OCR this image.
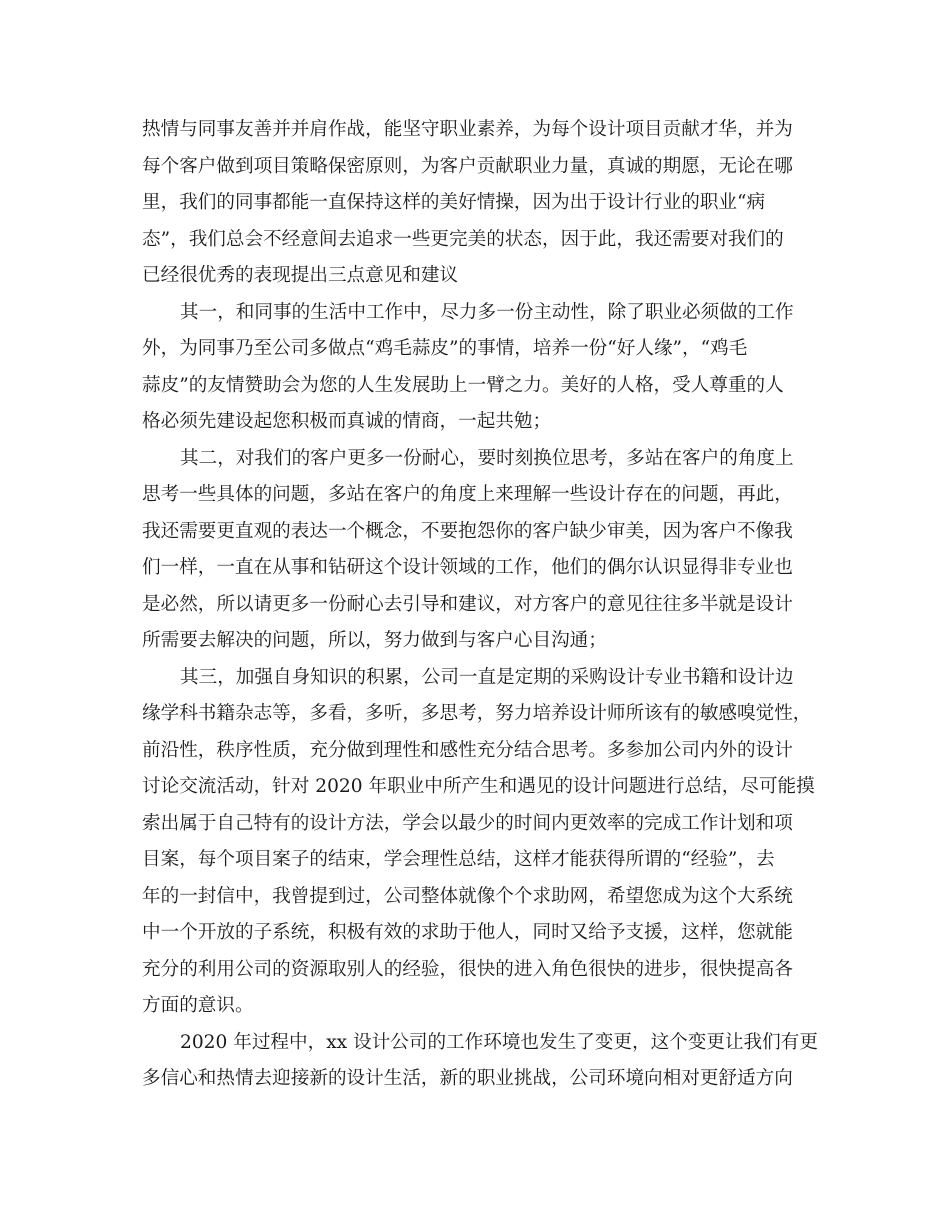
热情与同事友善并并肩作战，能坚守职业素养，为每个设计项目贡献才华，并为
每个客户做到项目策略保密原则，为客户贡献职业力量，真诚的期愿，无论在哪
里，我们的同事都能一直保持这样的美好情操，因为出于设计行业的职业“病
态”，我们总会不经意间去追求一些更完美的状态，因于此，我还需要对我们的
已经很优秀的表现提出三点意见和建议
其一，和同事的生活中工作中，尽力多一份主动性，除了职业必须做的工作
外，为同事乃至公司多做点“鸡毛蒜皮”的事情，培养一份“好人缘”，“鸡毛
蒜皮”的友情赞助会为您的人生发展助上一臂之力。美好的人格，受人尊重的人
格必须先建设起您积极而真诚的情商，一起共勉；
其二，对我们的客户更多一份耐心，要时刻换位思考，多站在客户的角度上
思考一些具体的问题，多站在客户的角度上来理解一些设计存在的问题，再此，
我还需要更直观的表达一个概念，不要抱怨你的客户缺少审美，因为客户不像我
们一样，一直在从事和钻研这个设计领域的工作，他们的偶尔认识显得非专业也
是必然，所以请更多一份耐心去引导和建议，对方客户的意见往往多半就是设计
所需要去解决的问题，所以，努力做到与客户心目沟通；
其三，加强自身知识的积累，公司一直是定期的采购设计专业书籍和设计边
缘学科书籍杂志等，多看，多听，多思考，努力培养设计师所该有的敏感嗅觉性，
前沿性，秩序性质，充分做到理性和感性充分结合思考。多参加公司内外的设计
讨论交流活动，针对 2020 年职业中所产生和遇见的设计问题进行总结，尽可能摸
索出属于自己特有的设计方法，学会以最少的时间内更效率的完成工作计划和项
目案，每个项目案子的结束，学会理性总结，这样才能获得所谓的“经验”，去
年的一封信中，我曾提到过，公司整体就像个个求助网，希望您成为这个大系统
中一个开放的子系统，积极有效的求助于他人，同时又给予支援，这样，您就能
充分的利用公司的资源取别人的经验，很快的进入角色很快的进步，很快提高各
方面的意识。
2020 年过程中，xx 设计公司的工作环境也发生了变更，这个变更让我们有更
多信心和热情去迎接新的设计生活，新的职业挑战，公司环境向相对更舒适方向
